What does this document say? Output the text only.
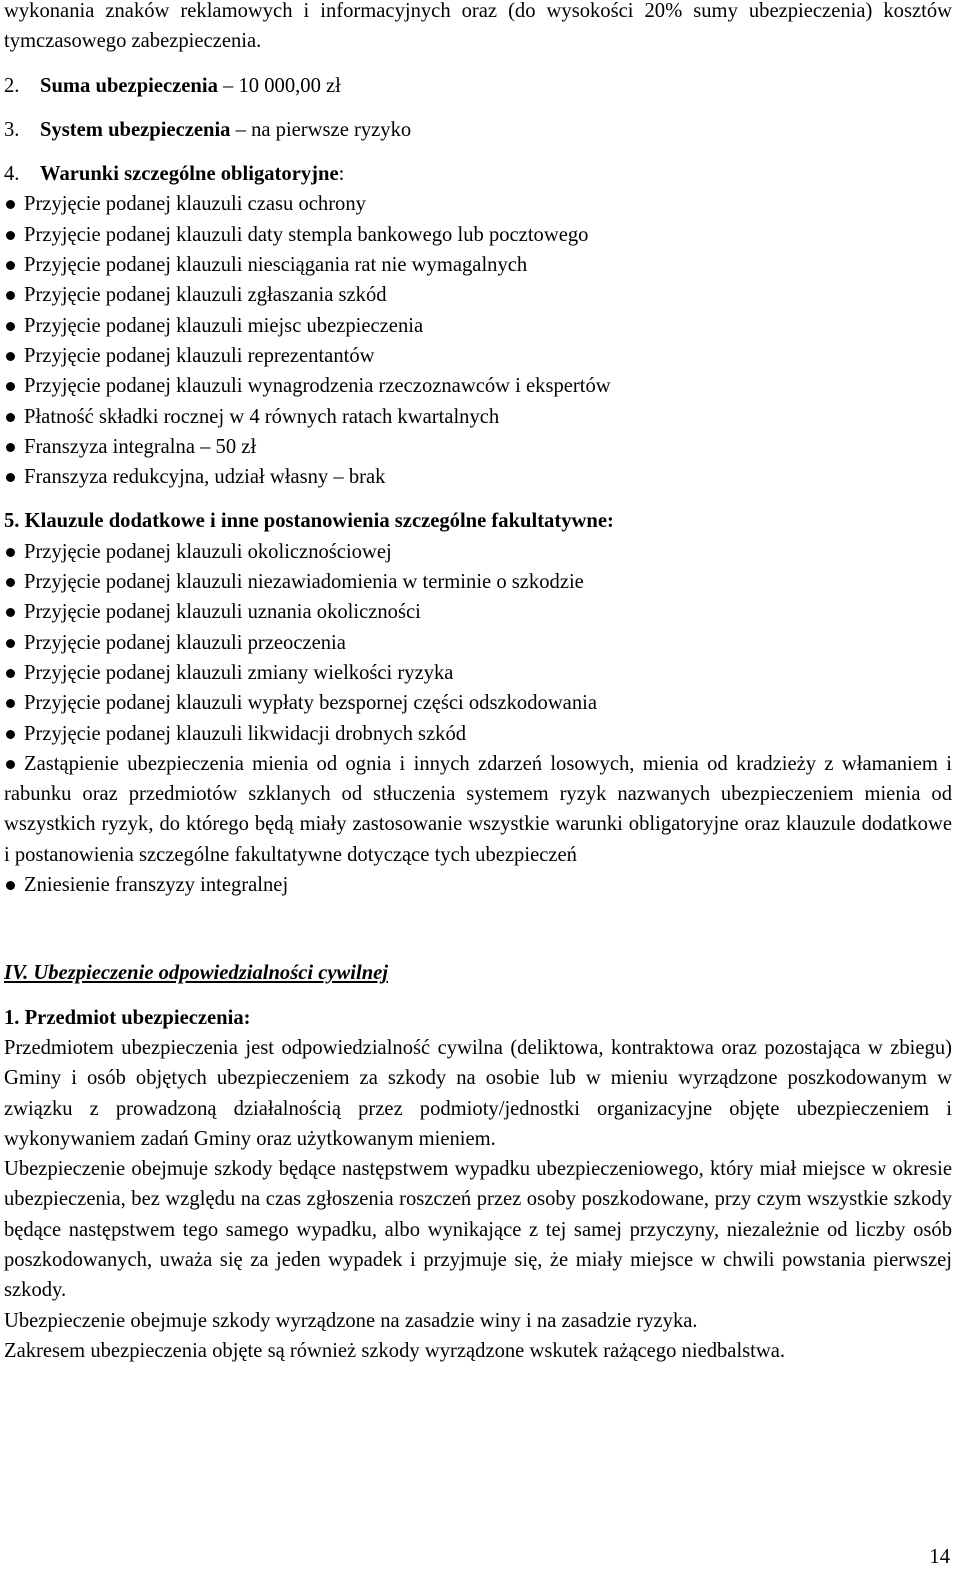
wykonania znaków reklamowych i informacyjnych oraz (do wysokości 20% sumy ubezpieczenia) kosztów tymczasowego zabezpieczenia.

2. Suma ubezpieczenia – 10 000,00 zł

3. System ubezpieczenia – na pierwsze ryzyko

4. Warunki szczególne obligatoryjne:

Przyjęcie podanej klauzuli czasu ochrony
Przyjęcie podanej klauzuli daty stempla bankowego lub pocztowego
Przyjęcie podanej klauzuli niesciągania rat nie wymagalnych
Przyjęcie podanej klauzuli zgłaszania szkód
Przyjęcie podanej klauzuli miejsc ubezpieczenia
Przyjęcie podanej klauzuli reprezentantów
Przyjęcie podanej klauzuli wynagrodzenia rzeczoznawców i ekspertów
Płatność składki rocznej w 4 równych ratach kwartalnych
Franszyza integralna – 50 zł
Franszyza redukcyjna, udział własny – brak

5. Klauzule dodatkowe i inne postanowienia szczególne fakultatywne:

Przyjęcie podanej klauzuli okolicznościowej
Przyjęcie podanej klauzuli niezawiadomienia w terminie o szkodzie
Przyjęcie podanej klauzuli uznania okoliczności
Przyjęcie podanej klauzuli przeoczenia
Przyjęcie podanej klauzuli zmiany wielkości ryzyka
Przyjęcie podanej klauzuli wypłaty bezspornej części odszkodowania
Przyjęcie podanej klauzuli likwidacji drobnych szkód
Zastąpienie ubezpieczenia mienia od ognia i innych zdarzeń losowych, mienia od kradzieży z włamaniem i rabunku oraz przedmiotów szklanych od stłuczenia systemem ryzyk nazwanych ubezpieczeniem mienia od wszystkich ryzyk, do którego będą miały zastosowanie wszystkie warunki obligatoryjne oraz klauzule dodatkowe i postanowienia szczególne fakultatywne dotyczące tych ubezpieczeń
Zniesienie franszyzy integralnej

IV. Ubezpieczenie odpowiedzialności cywilnej

1. Przedmiot ubezpieczenia:

Przedmiotem ubezpieczenia jest odpowiedzialność cywilna (deliktowa, kontraktowa oraz pozostająca w zbiegu) Gminy i osób objętych ubezpieczeniem za szkody na osobie lub w mieniu wyrządzone poszkodowanym w związku z prowadzoną działalnością przez podmioty/jednostki organizacyjne objęte ubezpieczeniem i wykonywaniem zadań Gminy oraz użytkowanym mieniem.

Ubezpieczenie obejmuje szkody będące następstwem wypadku ubezpieczeniowego, który miał miejsce w okresie ubezpieczenia, bez względu na czas zgłoszenia roszczeń przez osoby poszkodowane, przy czym wszystkie szkody będące następstwem tego samego wypadku, albo wynikające z tej samej przyczyny, niezależnie od liczby osób poszkodowanych, uważa się za jeden wypadek i przyjmuje się, że miały miejsce w chwili powstania pierwszej szkody.

Ubezpieczenie obejmuje szkody wyrządzone na zasadzie winy i na zasadzie ryzyka.

Zakresem ubezpieczenia objęte są również szkody wyrządzone wskutek rażącego niedbalstwa.

14
